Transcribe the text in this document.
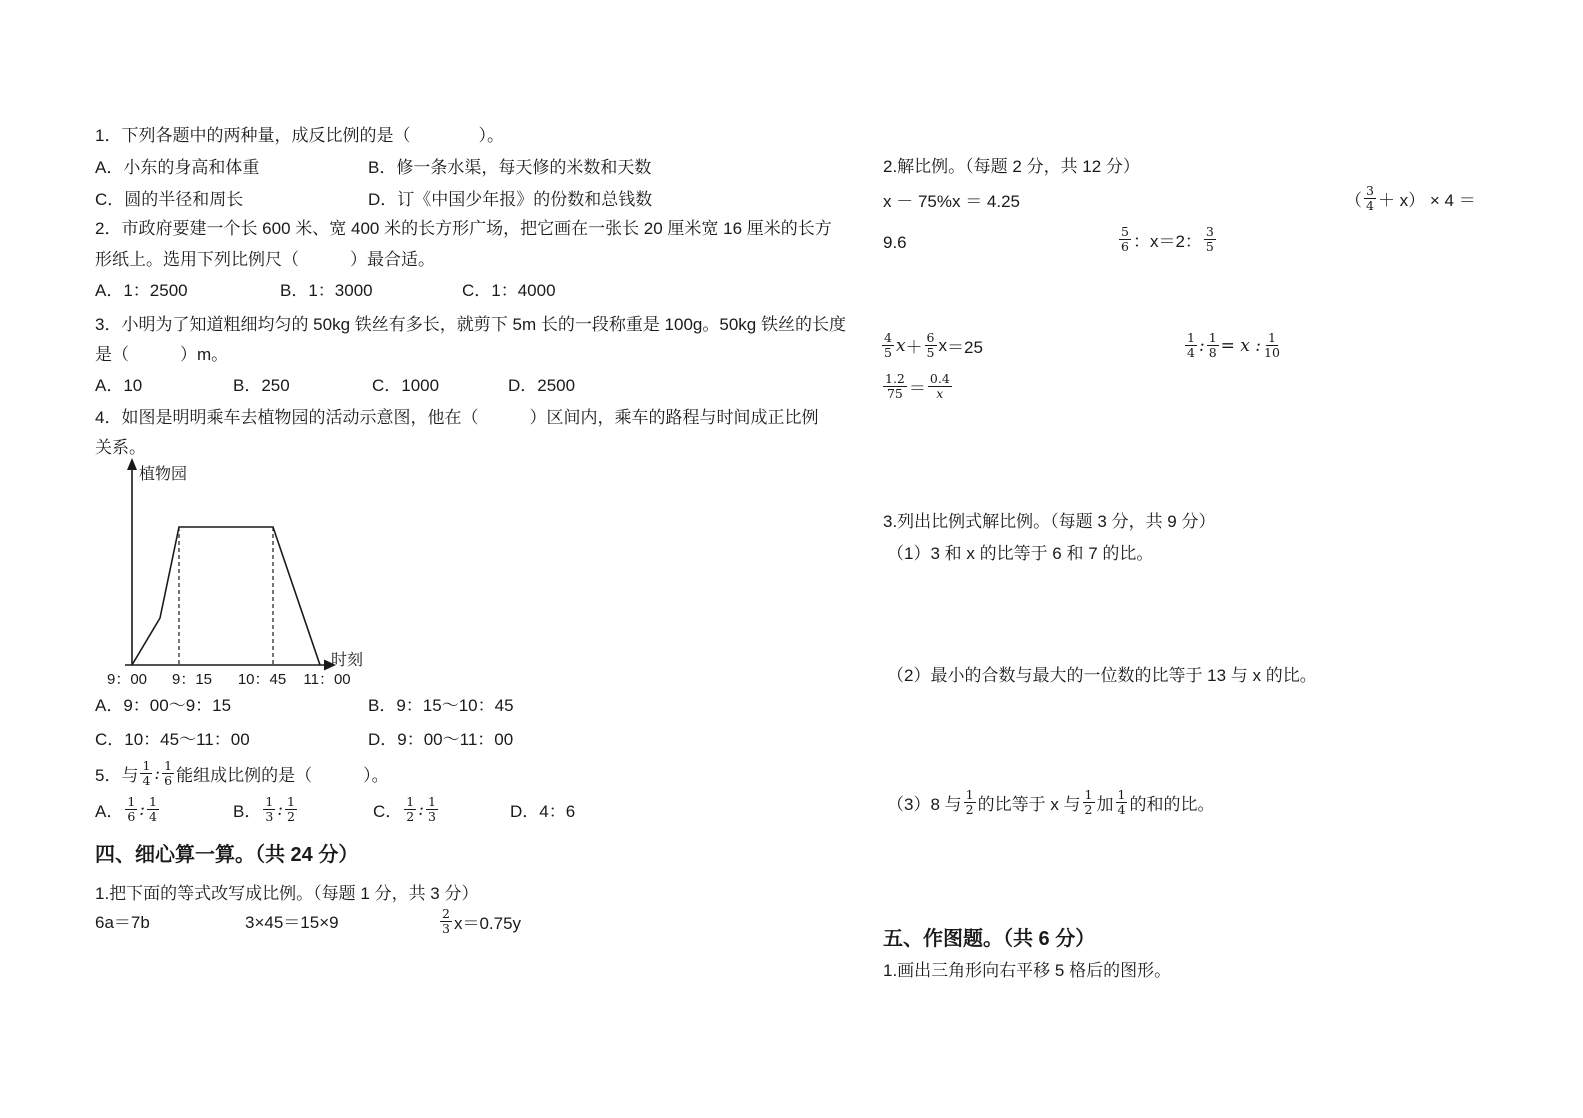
1．下列各题中的两种量，成反比例的是（　　　　）。
A．小东的身高和体重	B．修一条水渠，每天修的米数和天数
C．圆的半径和周长	D．订《中国少年报》的份数和总钱数
2．市政府要建一个长 600 米、宽 400 米的长方形广场，把它画在一张长 20 厘米宽 16 厘米的长方
形纸上。选用下列比例尺（　　　）最合适。
A．1：2500	B．1：3000	C．1：4000
3．小明为了知道粗细均匀的 50kg 铁丝有多长，就剪下 5m 长的一段称重是 100g。50kg 铁丝的长度
是（　　　）m。
A．10	B．250	C．1000	D．2500
4．如图是明明乘车去植物园的活动示意图，他在（　　　）区间内，乘车的路程与时间成正比例
关系。
植物园
时刻
9：00 9：15 10：45 11：00
A．9：00～9：15	B．9：15～10：45
C．10：45～11：00	D．9：00～11：00
5．与 $\frac{1}{4}$ : $\frac{1}{6}$ 能组成比例的是（　　　）。
A． $\frac{1}{6}$ : $\frac{1}{4}$	B． $\frac{1}{3}$ : $\frac{1}{2}$	C． $\frac{1}{2}$ : $\frac{1}{3}$	D．4：6
四、细心算一算。（共 24 分）
1.把下面的等式改写成比例。（每题 1 分，共 3 分）
6a＝7b	3×45＝15×9	$\frac{2}{3} x=0.75y$
2.解比例。（每题 2 分，共 12 分）
x － 75%x ＝ 4.25	（ $\frac{3}{4} + x) \times 4$ ＝
9.6	$\frac{5}{6}$ ：x＝2： $\frac{3}{5}$
$\frac{4}{5}$ $x + \frac{6}{5}$ x ＝25	$\frac{1}{4}$ : $\frac{1}{8} = x$ : $\frac{1}{10}$
$\frac{1.2}{75} = \frac{0.4}{x}$
3.列出比例式解比例。（每题 3 分，共 9 分）
（1）3 和 x 的比等于 6 和 7 的比。
（2）最小的合数与最大的一位数的比等于 13 与 x 的比。
（3）8 与 $\frac{1}{2}$ 的比等于 x 与 $\frac{1}{2}$ 加 $\frac{1}{4}$ 的和的比。
五、作图题。（共 6 分）
1.画出三角形向右平移 5 格后的图形。
